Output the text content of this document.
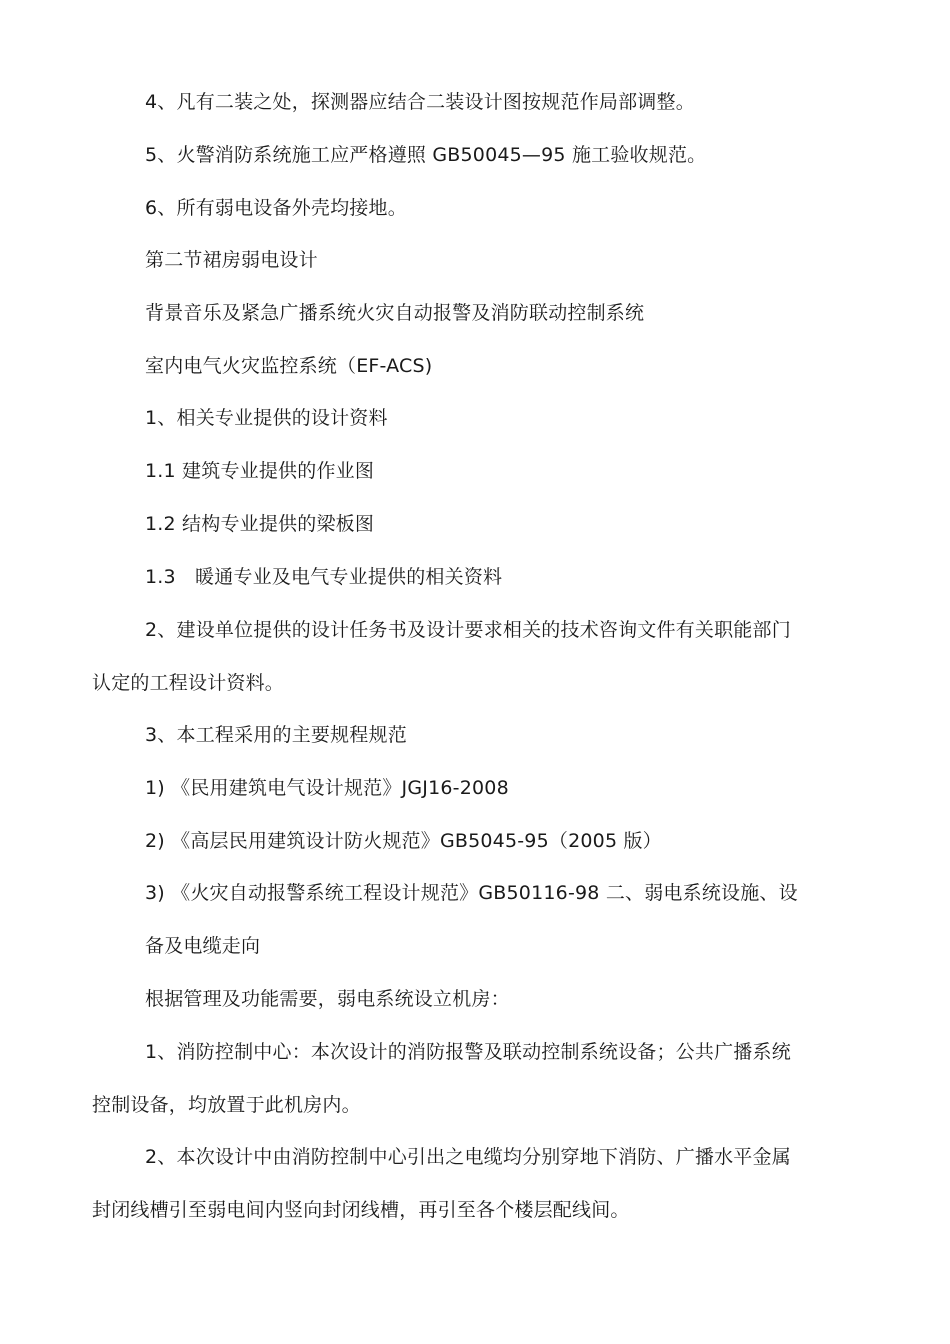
4、凡有二装之处，探测器应结合二装设计图按规范作局部调整。
5、火警消防系统施工应严格遵照 GB50045—95 施工验收规范。
6、所有弱电设备外壳均接地。
第二节裙房弱电设计
背景音乐及紧急广播系统火灾自动报警及消防联动控制系统
室内电气火灾监控系统（EF-ACS)
1、相关专业提供的设计资料
1.1 建筑专业提供的作业图
1.2 结构专业提供的梁板图
1.3　暖通专业及电气专业提供的相关资料
2、建设单位提供的设计任务书及设计要求相关的技术咨询文件有关职能部门
认定的工程设计资料。
3、本工程采用的主要规程规范
1) 《民用建筑电气设计规范》JGJ16-2008
2) 《高层民用建筑设计防火规范》GB5045-95（2005 版）
3) 《火灾自动报警系统工程设计规范》GB50116-98 二、弱电系统设施、设
备及电缆走向
根据管理及功能需要，弱电系统设立机房：
1、消防控制中心：本次设计的消防报警及联动控制系统设备；公共广播系统
控制设备，均放置于此机房内。
2、本次设计中由消防控制中心引出之电缆均分别穿地下消防、广播水平金属
封闭线槽引至弱电间内竖向封闭线槽，再引至各个楼层配线间。
